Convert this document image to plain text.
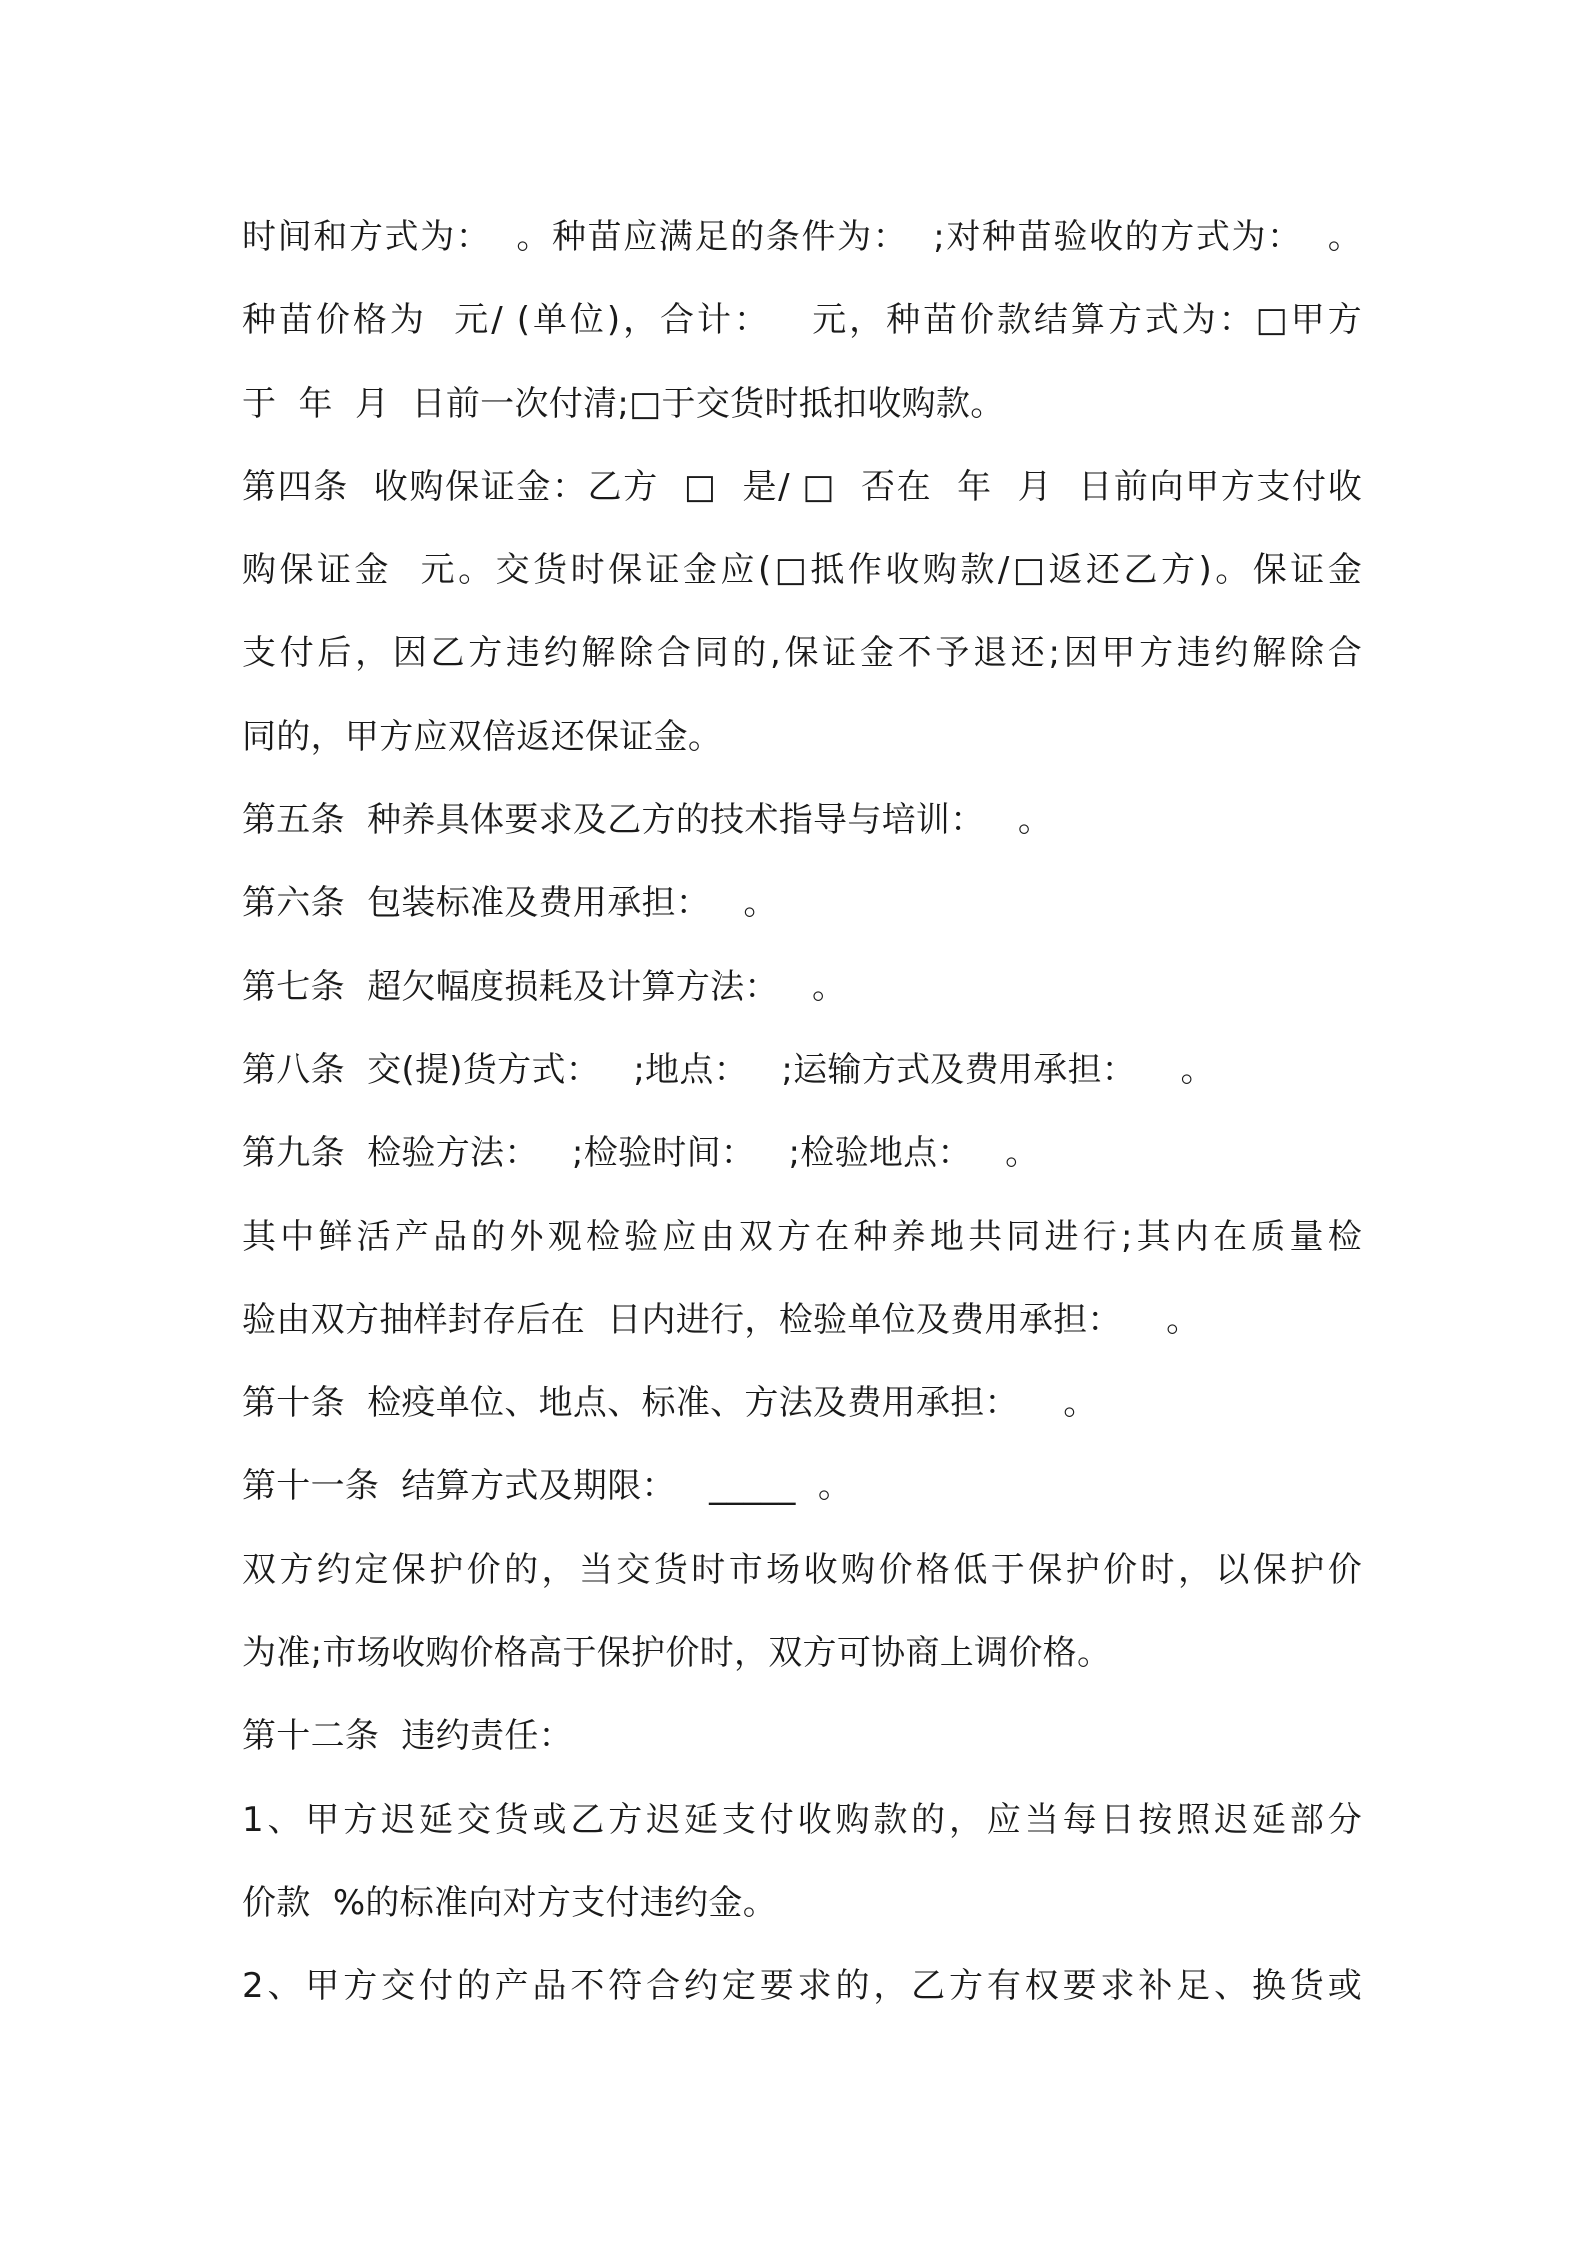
时间和方式为：  。种苗应满足的条件为：  ;对种苗验收的方式为：  。
种苗价格为  元/ (单位)，合计：   元，种苗价款结算方式为：□甲方
于  年  月  日前一次付清;□于交货时抵扣收购款。
第四条  收购保证金：乙方  □  是/ □  否在  年  月  日前向甲方支付收
购保证金  元。交货时保证金应(□抵作收购款/□返还乙方)。保证金
支付后，因乙方违约解除合同的,保证金不予退还;因甲方违约解除合
同的，甲方应双倍返还保证金。
第五条  种养具体要求及乙方的技术指导与培训：   。
第六条  包装标准及费用承担：   。
第七条  超欠幅度损耗及计算方法：   。
第八条  交(提)货方式：   ;地点：   ;运输方式及费用承担：    。
第九条  检验方法：   ;检验时间：   ;检验地点：   。
其中鲜活产品的外观检验应由双方在种养地共同进行;其内在质量检
验由双方抽样封存后在  日内进行，检验单位及费用承担：    。
第十条  检疫单位、地点、标准、方法及费用承担：    。
第十一条  结算方式及期限：   _____  。
双方约定保护价的，当交货时市场收购价格低于保护价时，以保护价
为准;市场收购价格高于保护价时，双方可协商上调价格。
第十二条  违约责任：
1、甲方迟延交货或乙方迟延支付收购款的，应当每日按照迟延部分
价款  %的标准向对方支付违约金。
2、甲方交付的产品不符合约定要求的，乙方有权要求补足、换货或
